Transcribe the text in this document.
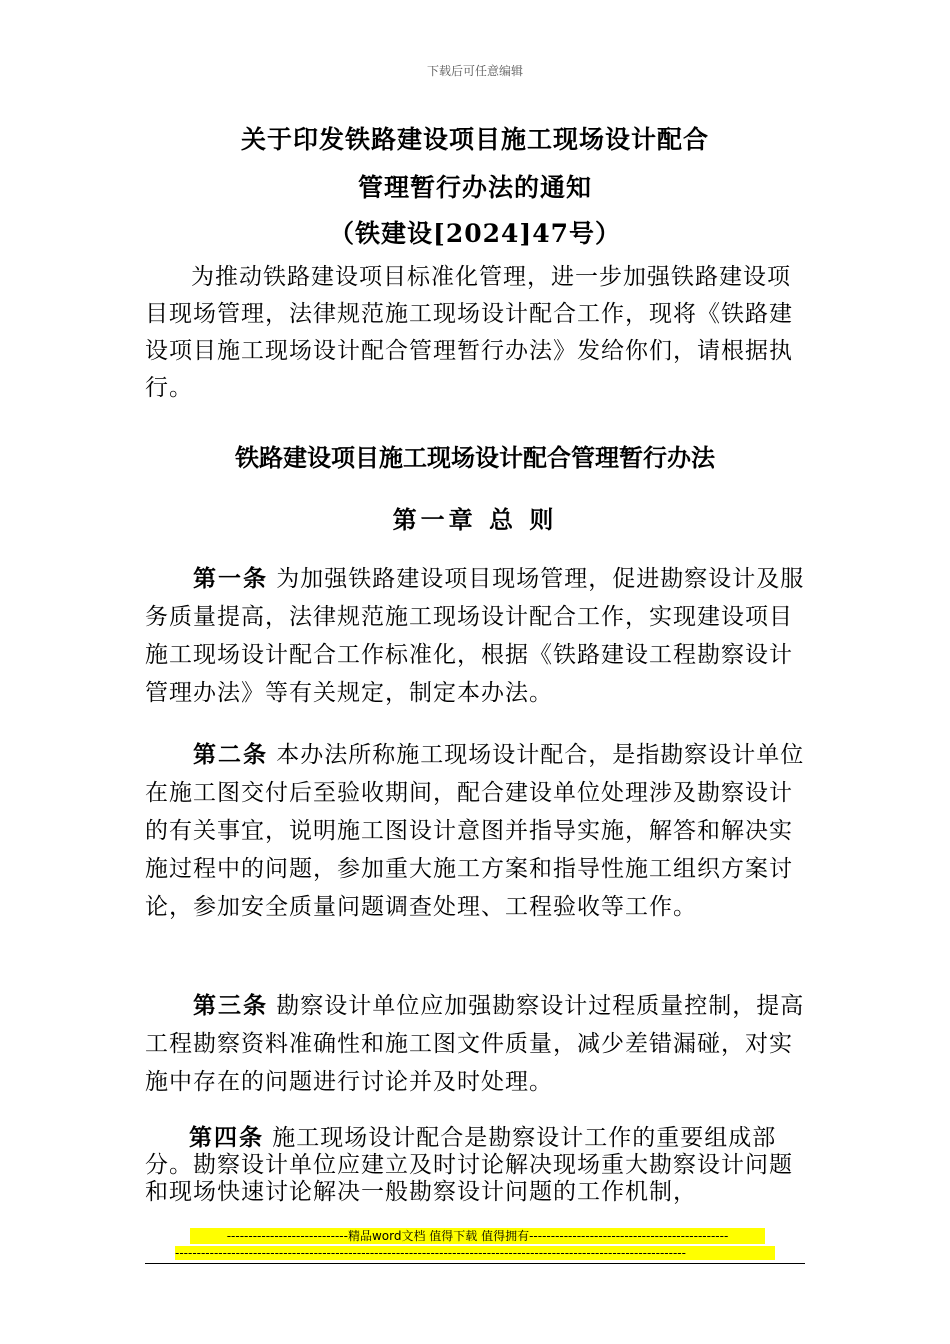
下载后可任意编辑
关于印发铁路建设项目施工现场设计配合
管理暂行办法的通知
（铁建设[2024]47号）
为推动铁路建设项目标准化管理，进一步加强铁路建设项目现场管理，法律规范施工现场设计配合工作，现将《铁路建设项目施工现场设计配合管理暂行办法》发给你们，请根据执行。
铁路建设项目施工现场设计配合管理暂行办法
第一章 总 则
第一条 为加强铁路建设项目现场管理，促进勘察设计及服务质量提高，法律规范施工现场设计配合工作，实现建设项目施工现场设计配合工作标准化，根据《铁路建设工程勘察设计管理办法》等有关规定，制定本办法。
第二条 本办法所称施工现场设计配合，是指勘察设计单位在施工图交付后至验收期间，配合建设单位处理涉及勘察设计的有关事宜，说明施工图设计意图并指导实施，解答和解决实施过程中的问题，参加重大施工方案和指导性施工组织方案讨论，参加安全质量问题调查处理、工程验收等工作。
第三条 勘察设计单位应加强勘察设计过程质量控制，提高工程勘察资料准确性和施工图文件质量，减少差错漏碰，对实施中存在的问题进行讨论并及时处理。
第四条 施工现场设计配合是勘察设计工作的重要组成部分。勘察设计单位应建立及时讨论解决现场重大勘察设计问题和现场快速讨论解决一般勘察设计问题的工作机制，
----------------------------精品word文档 值得下载 值得拥有----------------------------------------------
----------------------------------------------------------------------------------------------------------------------
